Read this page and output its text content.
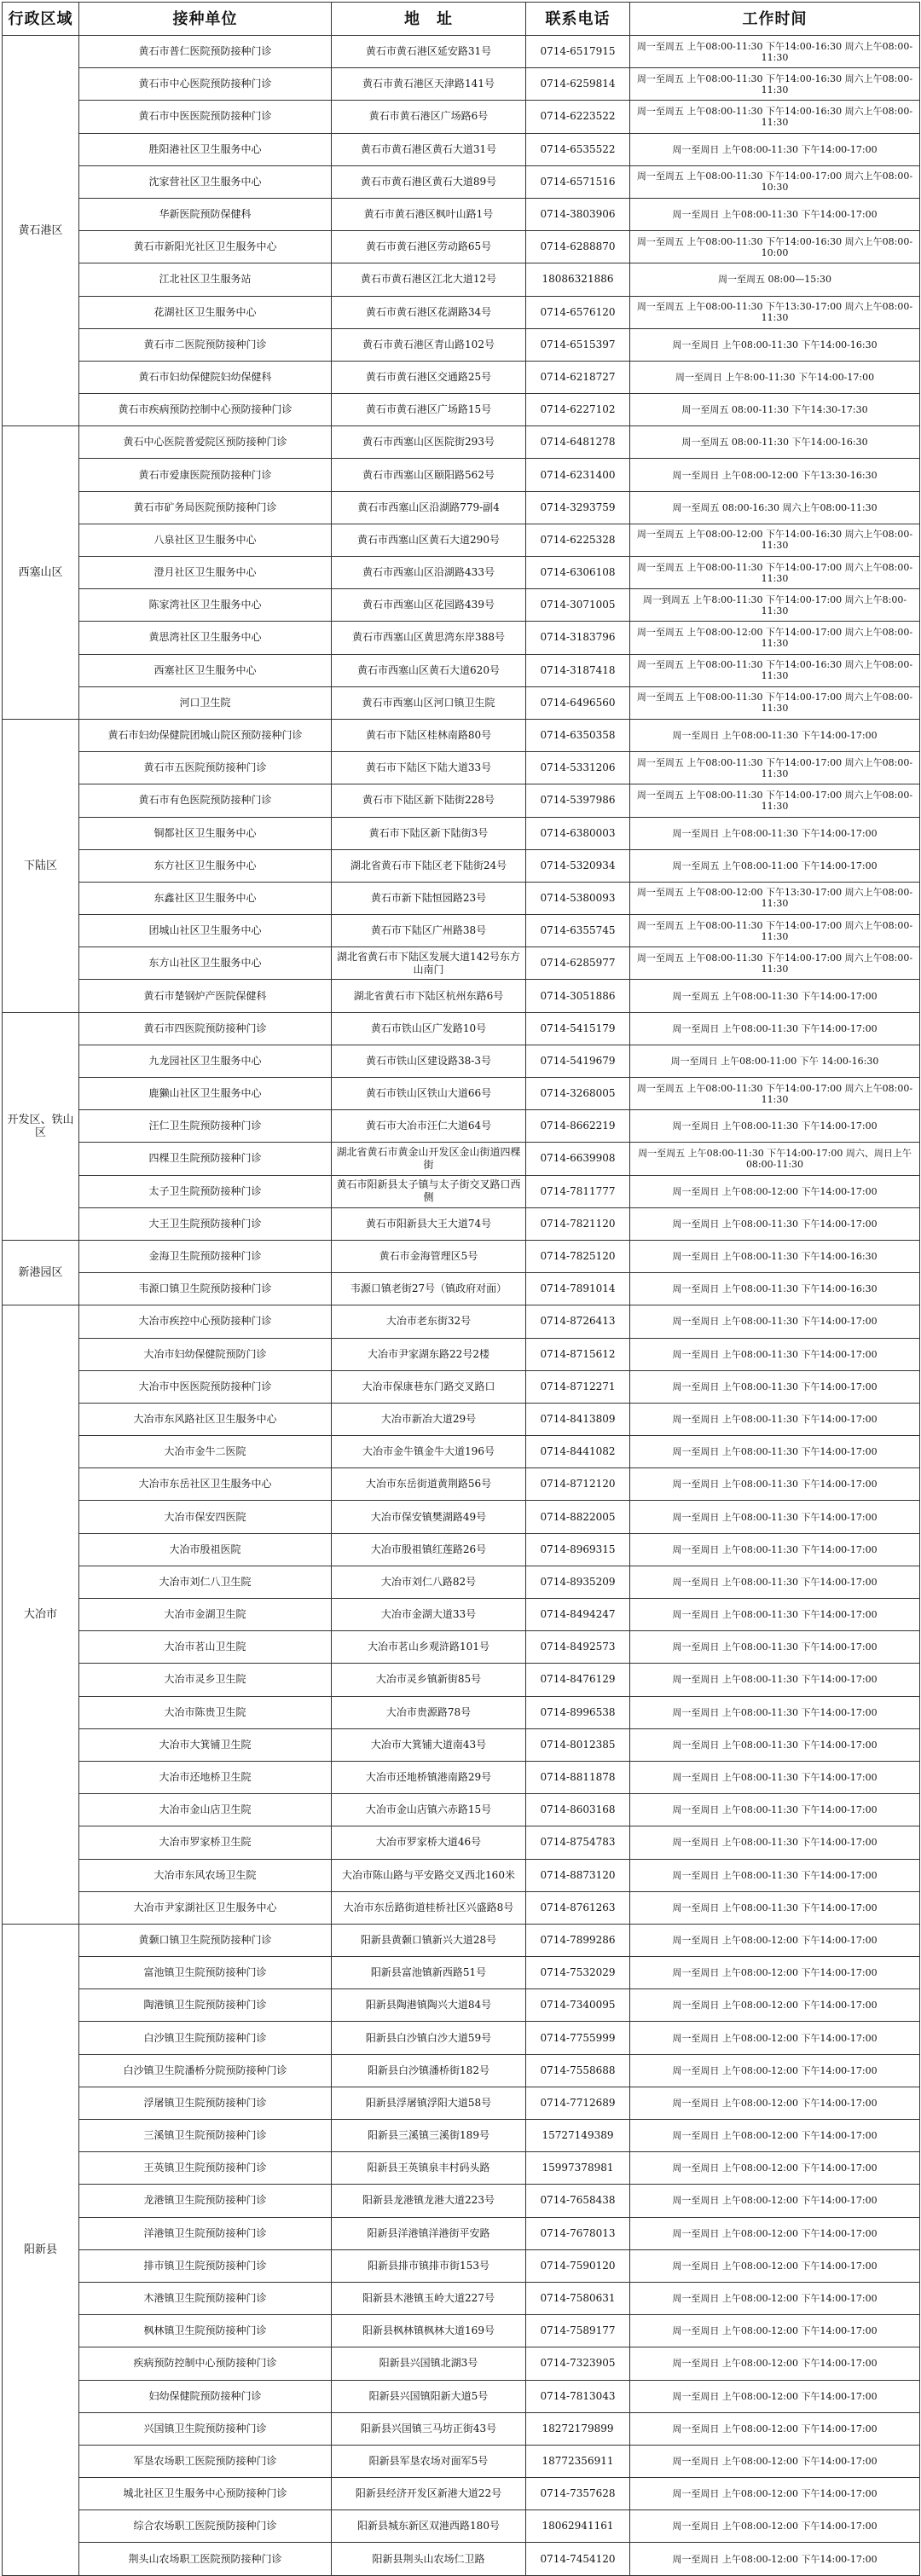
行政区域	接种单位	地　址	联系电话	工作时间
黄石港区	黄石市普仁医院预防接种门诊	黄石市黄石港区延安路31号	0714-6517915	周一至周五 上午08:00-11:30 下午14:00-16:30 周六上午08:00-11:30
	黄石市中心医院预防接种门诊	黄石市黄石港区天津路141号	0714-6259814	周一至周五 上午08:00-11:30 下午14:00-16:30 周六上午08:00-11:30
	黄石市中医医院预防接种门诊	黄石市黄石港区广场路6号	0714-6223522	周一至周五 上午08:00-11:30 下午14:00-16:30 周六上午08:00-11:30
	胜阳港社区卫生服务中心	黄石市黄石港区黄石大道31号	0714-6535522	周一至周日 上午08:00-11:30 下午14:00-17:00
	沈家营社区卫生服务中心	黄石市黄石港区黄石大道89号	0714-6571516	周一至周五 上午08:00-11:30 下午14:00-17:00 周六上午08:00-10:30
	华新医院预防保健科	黄石市黄石港区枫叶山路1号	0714-3803906	周一至周日 上午08:00-11:30 下午14:00-17:00
	黄石市新阳光社区卫生服务中心	黄石市黄石港区劳动路65号	0714-6288870	周一至周五 上午08:00-11:30 下午14:00-16:30 周六上午08:00-10:00
	江北社区卫生服务站	黄石市黄石港区江北大道12号	18086321886	周一至周五 08:00—15:30
	花湖社区卫生服务中心	黄石市黄石港区花湖路34号	0714-6576120	周一至周五 上午08:00-11:30 下午13:30-17:00 周六上午08:00-11:30
	黄石市二医院预防接种门诊	黄石市黄石港区青山路102号	0714-6515397	周一至周日 上午08:00-11:30 下午14:00-16:30
	黄石市妇幼保健院妇幼保健科	黄石市黄石港区交通路25号	0714-6218727	周一至周日 上午8:00-11:30 下午14:00-17:00
	黄石市疾病预防控制中心预防接种门诊	黄石市黄石港区广场路15号	0714-6227102	周一至周五 08:00-11:30 下午14:30-17:30
西塞山区	黄石中心医院普爱院区预防接种门诊	黄石市西塞山区医院街293号	0714-6481278	周一至周五 08:00-11:30 下午14:00-16:30
	黄石市爱康医院预防接种门诊	黄石市西塞山区颐阳路562号	0714-6231400	周一至周日 上午08:00-12:00 下午13:30-16:30
	黄石市矿务局医院预防接种门诊	黄石市西塞山区沿湖路779-副4	0714-3293759	周一至周五 08:00-16:30 周六上午08:00-11:30
	八泉社区卫生服务中心	黄石市西塞山区黄石大道290号	0714-6225328	周一至周五 上午08:00-12:00 下午14:00-16:30 周六上午08:00-11:30
	澄月社区卫生服务中心	黄石市西塞山区沿湖路433号	0714-6306108	周一至周五 上午08:00-11:30 下午14:00-17:00 周六上午08:00-11:30
	陈家湾社区卫生服务中心	黄石市西塞山区花园路439号	0714-3071005	周一到周五 上午8:00-11:30 下午14:00-17:00 周六上午8:00-11:30
	黄思湾社区卫生服务中心	黄石市西塞山区黄思湾东岸388号	0714-3183796	周一至周五 上午08:00-12:00 下午14:00-17:00 周六上午08:00-11:30
	西塞社区卫生服务中心	黄石市西塞山区黄石大道620号	0714-3187418	周一至周五 上午08:00-11:30 下午14:00-16:30 周六上午08:00-11:30
	河口卫生院	黄石市西塞山区河口镇卫生院	0714-6496560	周一至周五 上午08:00-11:30 下午14:00-17:00 周六上午08:00-11:30
下陆区	黄石市妇幼保健院团城山院区预防接种门诊	黄石市下陆区桂林南路80号	0714-6350358	周一至周日 上午08:00-11:30 下午14:00-17:00
	黄石市五医院预防接种门诊	黄石市下陆区下陆大道33号	0714-5331206	周一至周五 上午08:00-11:30 下午14:00-17:00 周六上午08:00-11:30
	黄石市有色医院预防接种门诊	黄石市下陆区新下陆街228号	0714-5397986	周一至周五 上午08:00-11:30 下午14:00-17:00 周六上午08:00-11:30
	铜都社区卫生服务中心	黄石市下陆区新下陆街3号	0714-6380003	周一至周日 上午08:00-11:30 下午14:00-17:00
	东方社区卫生服务中心	湖北省黄石市下陆区老下陆街24号	0714-5320934	周一至周五 上午08:00-11:00 下午14:00-17:00
	东鑫社区卫生服务中心	黄石市新下陆恒园路23号	0714-5380093	周一至周五 上午08:00-12:00 下午13:30-17:00 周六上午08:00-11:30
	团城山社区卫生服务中心	黄石市下陆区广州路38号	0714-6355745	周一至周五 上午08:00-11:30 下午14:00-17:00 周六上午08:00-11:30
	东方山社区卫生服务中心	湖北省黄石市下陆区发展大道142号东方山南门	0714-6285977	周一至周五 上午08:00-11:30 下午14:00-17:00 周六上午08:00-11:30
	黄石市楚钢炉产医院保健科	湖北省黄石市下陆区杭州东路6号	0714-3051886	周一至周五 上午08:00-11:30 下午14:00-17:00
开发区、铁山区	黄石市四医院预防接种门诊	黄石市铁山区广发路10号	0714-5415179	周一至周日 上午08:00-11:30 下午14:00-17:00
	九龙园社区卫生服务中心	黄石市铁山区建设路38-3号	0714-5419679	周一至周日 上午08:00-11:00 下午 14:00-16:30
	鹿獭山社区卫生服务中心	黄石市铁山区铁山大道66号	0714-3268005	周一至周五 上午08:00-11:30 下午14:00-17:00 周六上午08:00-11:30
	汪仁卫生院预防接种门诊	黄石市大冶市汪仁大道64号	0714-8662219	周一至周日 上午08:00-11:30 下午14:00-17:00
	四棵卫生院预防接种门诊	湖北省黄石市黄金山开发区金山街道四棵街	0714-6639908	周一至周五 上午08:00-11:30 下午14:00-17:00 周六、周日上午08:00-11:30
	太子卫生院预防接种门诊	黄石市阳新县太子镇与太子街交叉路口西侧	0714-7811777	周一至周日 上午08:00-12:00 下午14:00-17:00
	大王卫生院预防接种门诊	黄石市阳新县大王大道74号	0714-7821120	周一至周日 上午08:00-11:30 下午14:00-17:00
新港园区	金海卫生院预防接种门诊	黄石市金海管理区5号	0714-7825120	周一至周日 上午08:00-11:30 下午14:00-16:30
	韦源口镇卫生院预防接种门诊	韦源口镇老街27号（镇政府对面）	0714-7891014	周一至周日 上午08:00-11:30 下午14:00-16:30
大冶市	大冶市疾控中心预防接种门诊	大冶市老东街32号	0714-8726413	周一至周日 上午08:00-11:30 下午14:00-17:00
	大冶市妇幼保健院预防门诊	大冶市尹家湖东路22号2楼	0714-8715612	周一至周日 上午08:00-11:30 下午14:00-17:00
	大冶市中医医院预防接种门诊	大冶市保康巷东门路交叉路口	0714-8712271	周一至周日 上午08:00-11:30 下午14:00-17:00
	大冶市东风路社区卫生服务中心	大冶市新冶大道29号	0714-8413809	周一至周日 上午08:00-11:30 下午14:00-17:00
	大冶市金牛二医院	大冶市金牛镇金牛大道196号	0714-8441082	周一至周日 上午08:00-11:30 下午14:00-17:00
	大冶市东岳社区卫生服务中心	大冶市东岳街道黄荆路56号	0714-8712120	周一至周日 上午08:00-11:30 下午14:00-17:00
	大冶市保安四医院	大冶市保安镇樊湖路49号	0714-8822005	周一至周日 上午08:00-11:30 下午14:00-17:00
	大冶市殷祖医院	大冶市殷祖镇红莲路26号	0714-8969315	周一至周日 上午08:00-11:30 下午14:00-17:00
	大冶市刘仁八卫生院	大冶市刘仁八路82号	0714-8935209	周一至周日 上午08:00-11:30 下午14:00-17:00
	大冶市金湖卫生院	大冶市金湖大道33号	0714-8494247	周一至周日 上午08:00-11:30 下午14:00-17:00
	大冶市茗山卫生院	大冶市茗山乡观浒路101号	0714-8492573	周一至周日 上午08:00-11:30 下午14:00-17:00
	大冶市灵乡卫生院	大冶市灵乡镇新街85号	0714-8476129	周一至周日 上午08:00-11:30 下午14:00-17:00
	大冶市陈贵卫生院	大冶市贵源路78号	0714-8996538	周一至周日 上午08:00-11:30 下午14:00-17:00
	大冶市大箕铺卫生院	大冶市大箕铺大道南43号	0714-8012385	周一至周日 上午08:00-11:30 下午14:00-17:00
	大冶市还地桥卫生院	大冶市还地桥镇港南路29号	0714-8811878	周一至周日 上午08:00-11:30 下午14:00-17:00
	大冶市金山店卫生院	大冶市金山店镇六赤路15号	0714-8603168	周一至周日 上午08:00-11:30 下午14:00-17:00
	大冶市罗家桥卫生院	大冶市罗家桥大道46号	0714-8754783	周一至周日 上午08:00-11:30 下午14:00-17:00
	大冶市东风农场卫生院	大冶市陈山路与平安路交叉西北160米	0714-8873120	周一至周日 上午08:00-11:30 下午14:00-17:00
	大冶市尹家湖社区卫生服务中心	大冶市东岳路街道桂桥社区兴盛路8号	0714-8761263	周一至周日 上午08:00-11:30 下午14:00-17:00
阳新县	黄颡口镇卫生院预防接种门诊	阳新县黄颡口镇新兴大道28号	0714-7899286	周一至周日 上午08:00-12:00 下午14:00-17:00
	富池镇卫生院预防接种门诊	阳新县富池镇新西路51号	0714-7532029	周一至周日 上午08:00-12:00 下午14:00-17:00
	陶港镇卫生院预防接种门诊	阳新县陶港镇陶兴大道84号	0714-7340095	周一至周日 上午08:00-12:00 下午14:00-17:00
	白沙镇卫生院预防接种门诊	阳新县白沙镇白沙大道59号	0714-7755999	周一至周日 上午08:00-12:00 下午14:00-17:00
	白沙镇卫生院潘桥分院预防接种门诊	阳新县白沙镇潘桥街182号	0714-7558688	周一至周日 上午08:00-12:00 下午14:00-17:00
	浮屠镇卫生院预防接种门诊	阳新县浮屠镇浮阳大道58号	0714-7712689	周一至周日 上午08:00-12:00 下午14:00-17:00
	三溪镇卫生院预防接种门诊	阳新县三溪镇三溪街189号	15727149389	周一至周日 上午08:00-12:00 下午14:00-17:00
	王英镇卫生院预防接种门诊	阳新县王英镇泉丰村码头路	15997378981	周一至周日 上午08:00-12:00 下午14:00-17:00
	龙港镇卫生院预防接种门诊	阳新县龙港镇龙港大道223号	0714-7658438	周一至周日 上午08:00-12:00 下午14:00-17:00
	洋港镇卫生院预防接种门诊	阳新县洋港镇洋港街平安路	0714-7678013	周一至周日 上午08:00-12:00 下午14:00-17:00
	排市镇卫生院预防接种门诊	阳新县排市镇排市街153号	0714-7590120	周一至周日 上午08:00-12:00 下午14:00-17:00
	木港镇卫生院预防接种门诊	阳新县木港镇玉岭大道227号	0714-7580631	周一至周日 上午08:00-12:00 下午14:00-17:00
	枫林镇卫生院预防接种门诊	阳新县枫林镇枫林大道169号	0714-7589177	周一至周日 上午08:00-12:00 下午14:00-17:00
	疾病预防控制中心预防接种门诊	阳新县兴国镇北湖3号	0714-7323905	周一至周日 上午08:00-12:00 下午14:00-17:00
	妇幼保健院预防接种门诊	阳新县兴国镇阳新大道5号	0714-7813043	周一至周日 上午08:00-12:00 下午14:00-17:00
	兴国镇卫生院预防接种门诊	阳新县兴国镇三马坊正街43号	18272179899	周一至周日 上午08:00-12:00 下午14:00-17:00
	军垦农场职工医院预防接种门诊	阳新县军垦农场对面军5号	18772356911	周一至周日 上午08:00-12:00 下午14:00-17:00
	城北社区卫生服务中心预防接种门诊	阳新县经济开发区新港大道22号	0714-7357628	周一至周日 上午08:00-12:00 下午14:00-17:00
	综合农场职工医院预防接种门诊	阳新县城东新区双港西路180号	18062941161	周一至周日 上午08:00-12:00 下午14:00-17:00
	荆头山农场职工医院预防接种门诊	阳新县荆头山农场仁卫路	0714-7454120	周一至周日 上午08:00-12:00 下午14:00-17:00
